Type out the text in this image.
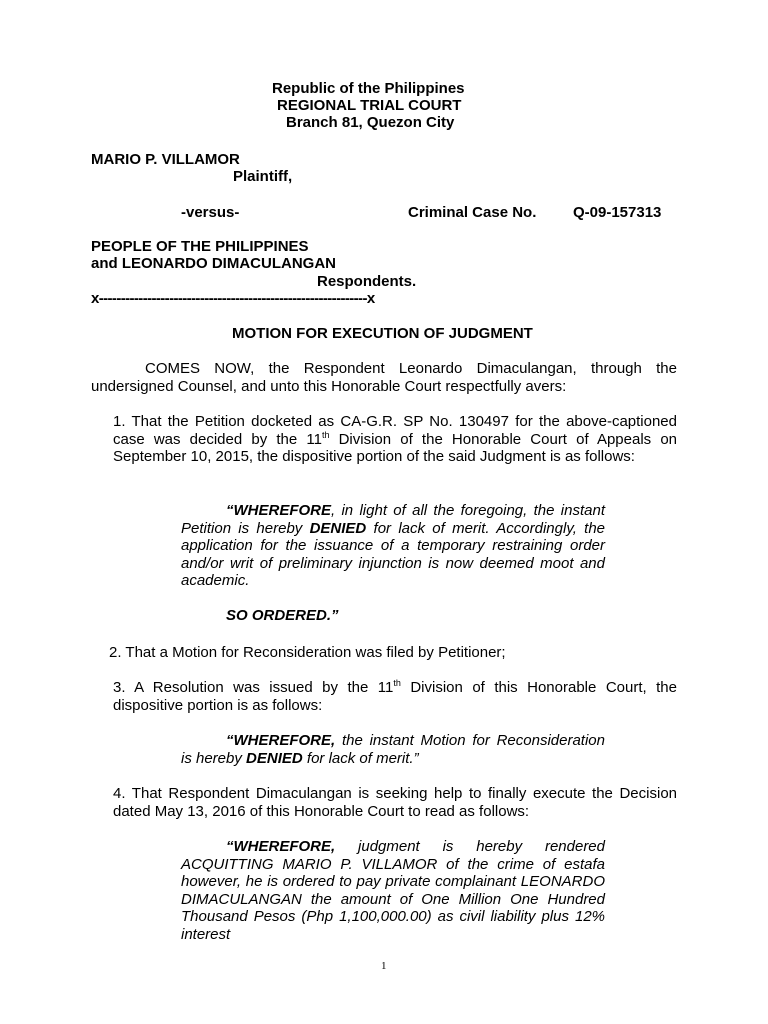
Republic of the Philippines
REGIONAL TRIAL COURT
Branch 81, Quezon City
MARIO P. VILLAMOR
Plaintiff,
-versus-	Criminal Case No. Q-09-157313
PEOPLE OF THE PHILIPPINES
and LEONARDO DIMACULANGAN
Respondents.
x-------------------------------------------------------------x
MOTION FOR EXECUTION OF JUDGMENT
COMES NOW, the Respondent Leonardo Dimaculangan, through the undersigned Counsel, and unto this Honorable Court respectfully avers:
1. That the Petition docketed as CA-G.R. SP No. 130497 for the above-captioned case was decided by the 11th Division of the Honorable Court of Appeals on September 10, 2015, the dispositive portion of the said Judgment is as follows:
“WHEREFORE, in light of all the foregoing, the instant Petition is hereby DENIED for lack of merit. Accordingly, the application for the issuance of a temporary restraining order and/or writ of preliminary injunction is now deemed moot and academic.
SO ORDERED.”
2. That a Motion for Reconsideration was filed by Petitioner;
3. A Resolution was issued by the 11th Division of this Honorable Court, the dispositive portion is as follows:
“WHEREFORE, the instant Motion for Reconsideration is hereby DENIED for lack of merit.”
4. That Respondent Dimaculangan is seeking help to finally execute the Decision dated May 13, 2016 of this Honorable Court to read as follows:
“WHEREFORE, judgment is hereby rendered ACQUITTING MARIO P. VILLAMOR of the crime of estafa however, he is ordered to pay private complainant LEONARDO DIMACULANGAN the amount of One Million One Hundred Thousand Pesos (Php 1,100,000.00) as civil liability plus 12% interest
1
